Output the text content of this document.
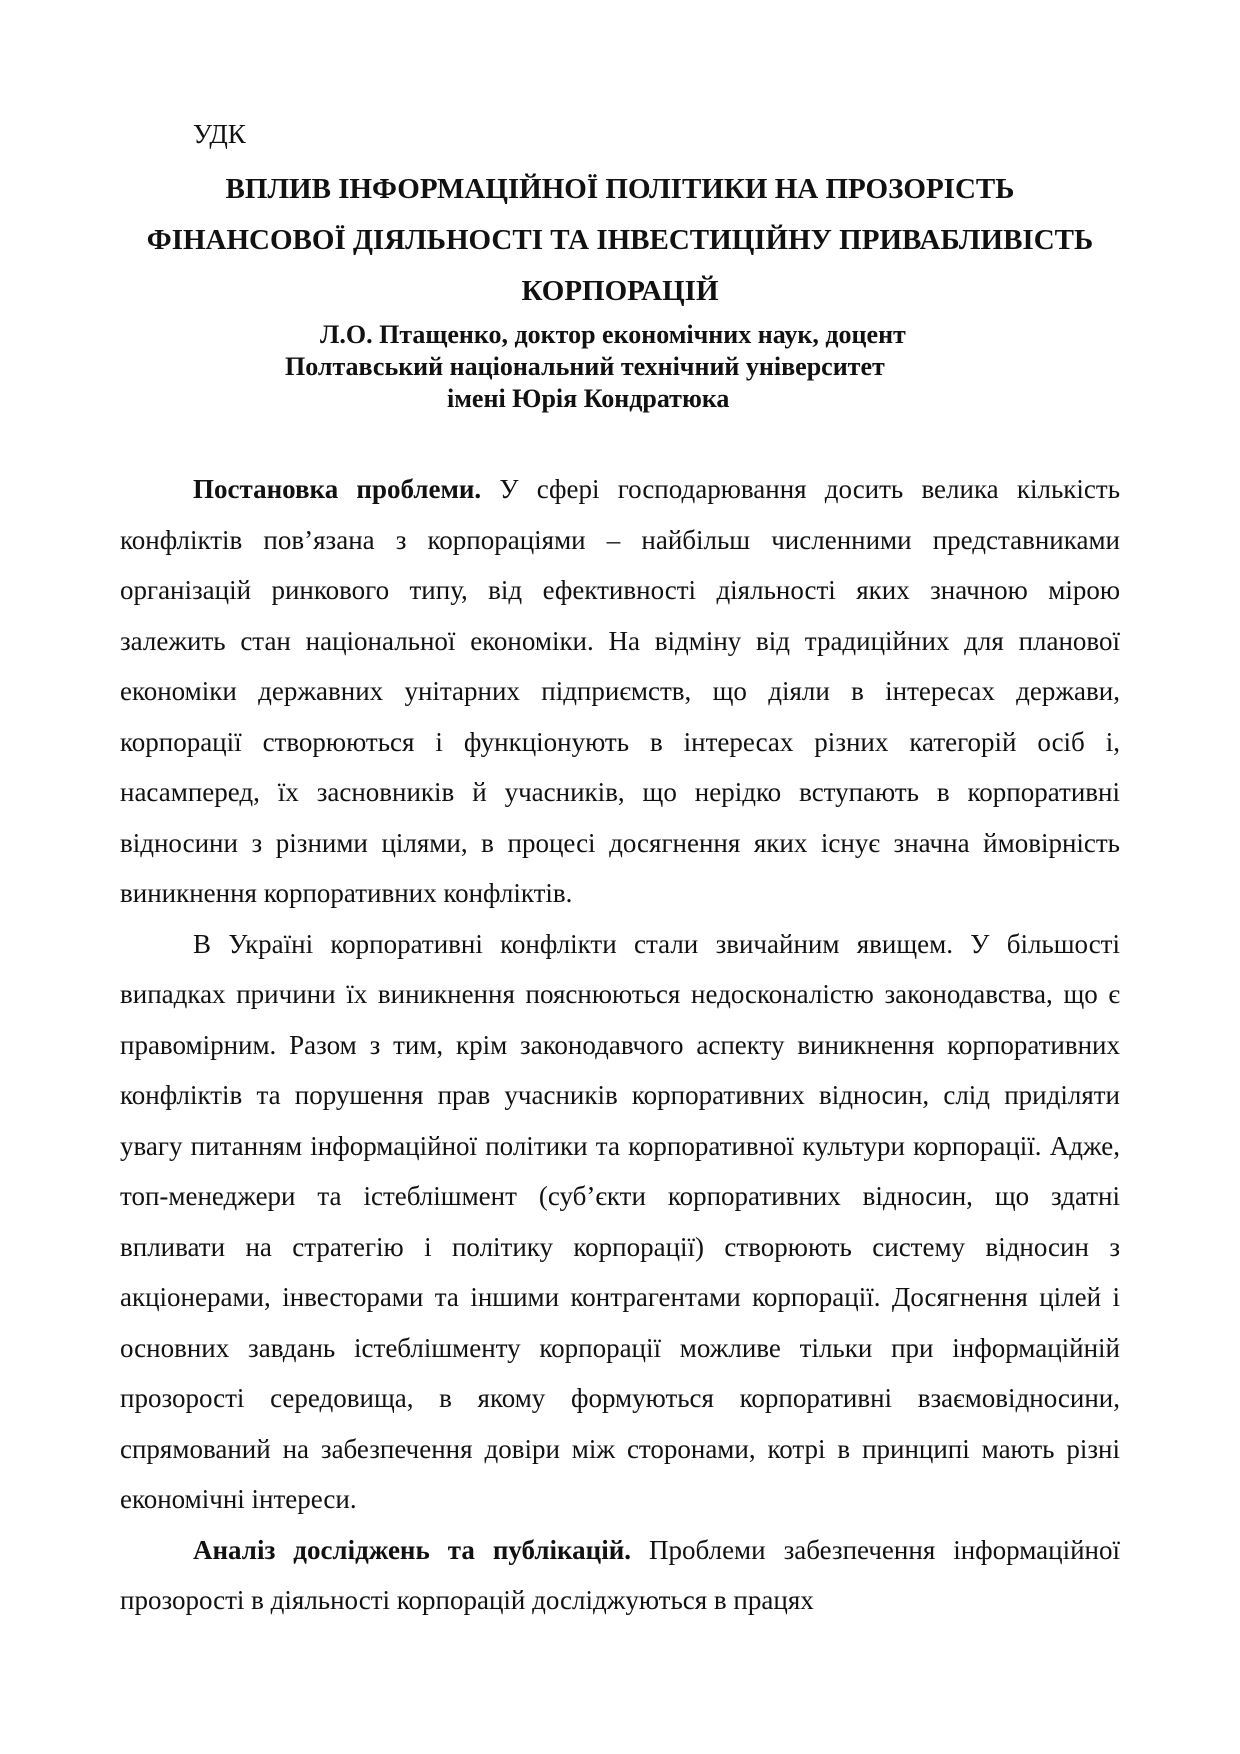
УДК
ВПЛИВ ІНФОРМАЦІЙНОЇ ПОЛІТИКИ НА ПРОЗОРІСТЬ
ФІНАНСОВОЇ ДІЯЛЬНОСТІ ТА ІНВЕСТИЦІЙНУ ПРИВАБЛИВІСТЬ
КОРПОРАЦІЙ
Л.О. Птащенко, доктор економічних наук, доцент
Полтавський національний технічний університет
імені Юрія Кондратюка

Постановка проблеми. У сфері господарювання досить велика кількість конфліктів пов’язана з корпораціями – найбільш численними представниками організацій ринкового типу, від ефективності діяльності яких значною мірою залежить стан національної економіки. На відміну від традиційних для планової економіки державних унітарних підприємств, що діяли в інтересах держави, корпорації створюються і функціонують в інтересах різних категорій осіб і, насамперед, їх засновників й учасників, що нерідко вступають в корпоративні відносини з різними цілями, в процесі досягнення яких існує значна ймовірність виникнення корпоративних конфліктів.

В Україні корпоративні конфлікти стали звичайним явищем. У більшості випадках причини їх виникнення пояснюються недосконалістю законодавства, що є правомірним. Разом з тим, крім законодавчого аспекту виникнення корпоративних конфліктів та порушення прав учасників корпоративних відносин, слід приділяти увагу питанням інформаційної політики та корпоративної культури корпорації. Адже, топ-менеджери та істеблішмент (суб’єкти корпоративних відносин, що здатні впливати на стратегію і політику корпорації) створюють систему відносин з акціонерами, інвесторами та іншими контрагентами корпорації. Досягнення цілей і основних завдань істеблішменту корпорації можливе тільки при інформаційній прозорості середовища, в якому формуються корпоративні взаємовідносини, спрямований на забезпечення довіри між сторонами, котрі в принципі мають різні економічні інтереси.

Аналіз досліджень та публікацій. Проблеми забезпечення інформаційної прозорості в діяльності корпорацій досліджуються в працях
